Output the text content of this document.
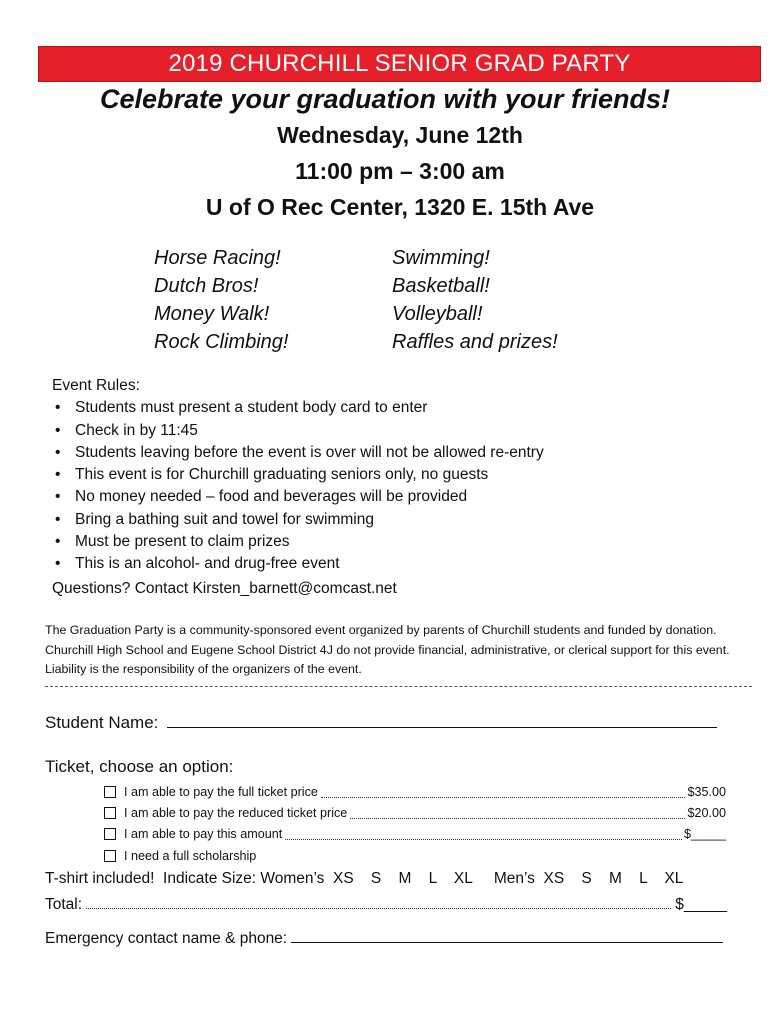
2019 CHURCHILL SENIOR GRAD PARTY
Celebrate your graduation with your friends!
Wednesday, June 12th
11:00 pm – 3:00 am
U of O Rec Center, 1320 E. 15th Ave
Horse Racing!
Dutch Bros!
Money Walk!
Rock Climbing!
Swimming!
Basketball!
Volleyball!
Raffles and prizes!
Event Rules:
• Students must present a student body card to enter
• Check in by 11:45
• Students leaving before the event is over will not be allowed re-entry
• This event is for Churchill graduating seniors only, no guests
• No money needed – food and beverages will be provided
• Bring a bathing suit and towel for swimming
• Must be present to claim prizes
• This is an alcohol- and drug-free event
Questions? Contact Kirsten_barnett@comcast.net
The Graduation Party is a community-sponsored event organized by parents of Churchill students and funded by donation. Churchill High School and Eugene School District 4J do not provide financial, administrative, or clerical support for this event. Liability is the responsibility of the organizers of the event.
Student Name:
Ticket, choose an option:
I am able to pay the full ticket price	$35.00
I am able to pay the reduced ticket price	$20.00
I am able to pay this amount	$_____
I need a full scholarship
T-shirt included!  Indicate Size: Women’s  XS    S    M    L    XL     Men’s  XS    S    M    L    XL
Total:	$_____
Emergency contact name & phone:
